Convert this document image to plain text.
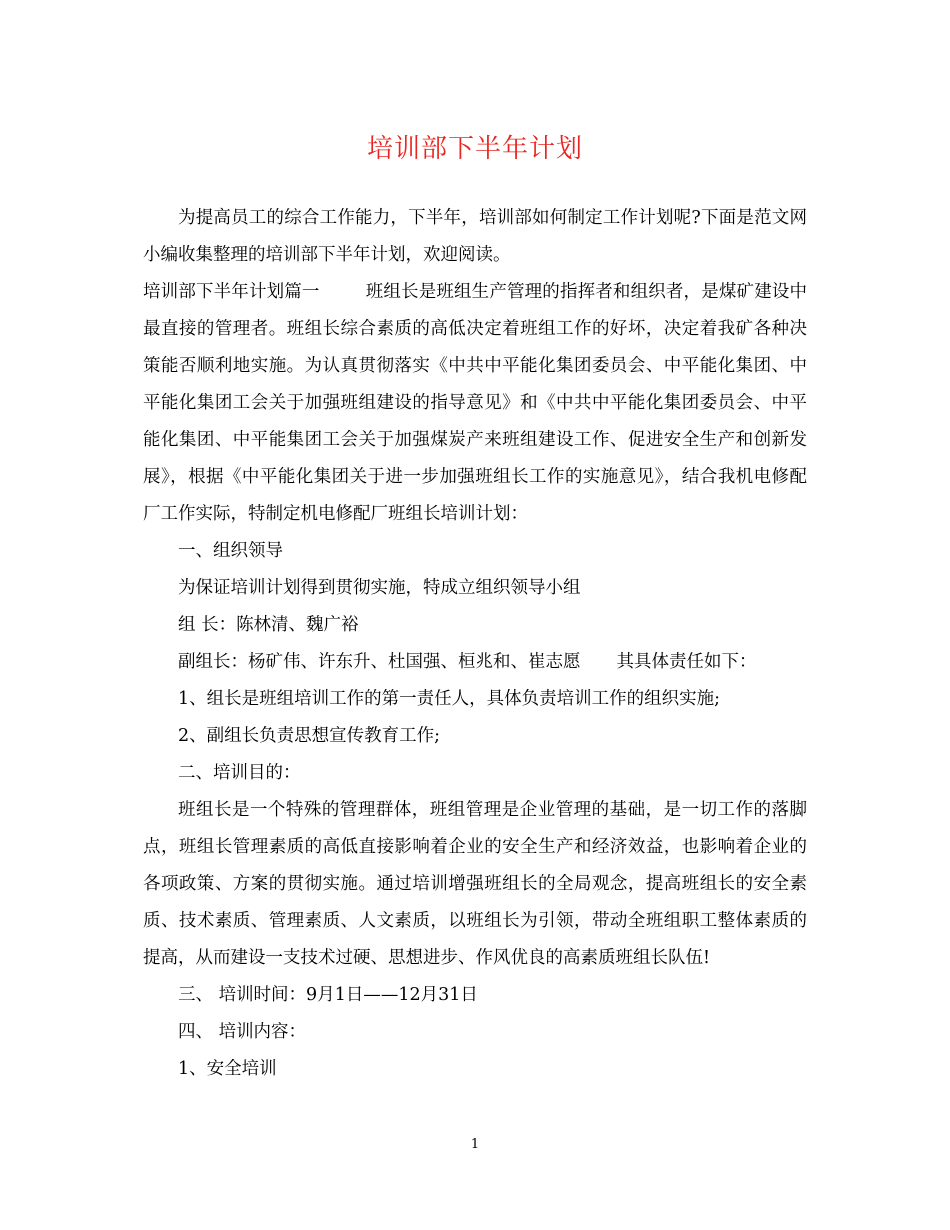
培训部下半年计划

为提高员工的综合工作能力，下半年，培训部如何制定工作计划呢?下面是范文网小编收集整理的培训部下半年计划，欢迎阅读。

培训部下半年计划篇一	班组长是班组生产管理的指挥者和组织者，是煤矿建设中最直接的管理者。班组长综合素质的高低决定着班组工作的好坏，决定着我矿各种决策能否顺利地实施。为认真贯彻落实《中共中平能化集团委员会、中平能化集团、中平能化集团工会关于加强班组建设的指导意见》和《中共中平能化集团委员会、中平能化集团、中平能集团工会关于加强煤炭产来班组建设工作、促进安全生产和创新发展》，根据《中平能化集团关于进一步加强班组长工作的实施意见》，结合我机电修配厂工作实际，特制定机电修配厂班组长培训计划：

一、组织领导

为保证培训计划得到贯彻实施，特成立组织领导小组

组 长：陈林清、魏广裕

副组长：杨矿伟、许东升、杜国强、桓兆和、崔志愿 其具体责任如下：

1、组长是班组培训工作的第一责任人，具体负责培训工作的组织实施;

2、副组长负责思想宣传教育工作;

二、培训目的：

班组长是一个特殊的管理群体，班组管理是企业管理的基础，是一切工作的落脚点，班组长管理素质的高低直接影响着企业的安全生产和经济效益，也影响着企业的各项政策、方案的贯彻实施。通过培训增强班组长的全局观念，提高班组长的安全素质、技术素质、管理素质、人文素质，以班组长为引领，带动全班组职工整体素质的提高，从而建设一支技术过硬、思想进步、作风优良的高素质班组长队伍!

三、 培训时间：9月1日——12月31日

四、 培训内容：

1、安全培训

1
